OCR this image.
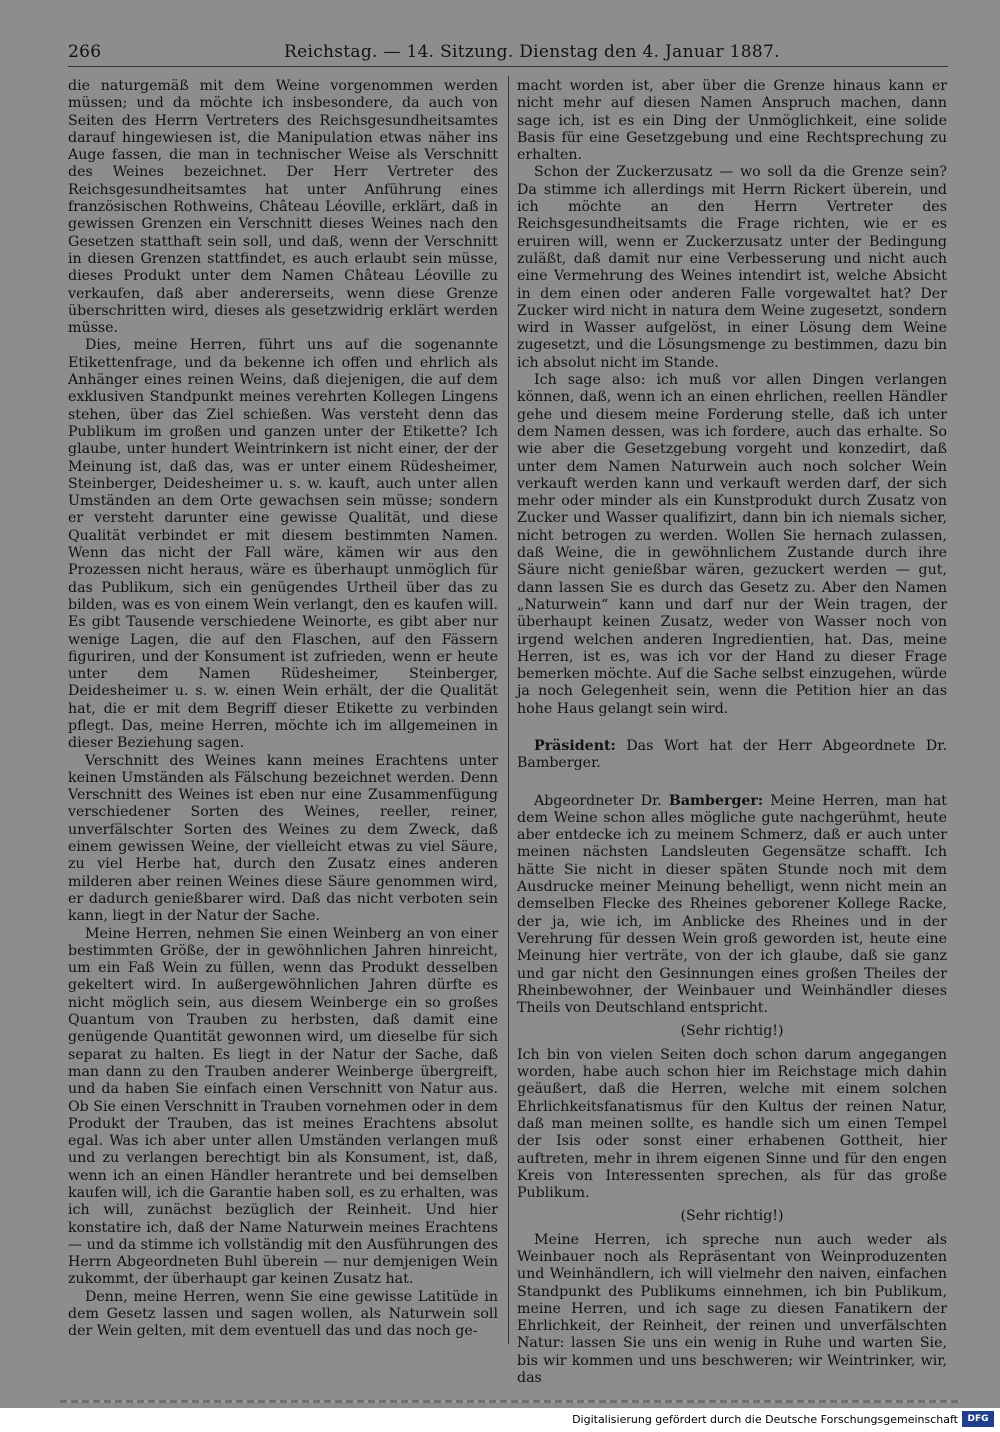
266	Reichstag. — 14. Sitzung. Dienstag den 4. Januar 1887.

die naturgemäß mit dem Weine vorgenommen werden müssen; und da möchte ich insbesondere, da auch von Seiten des Herrn Vertreters des Reichsgesundheitsamtes darauf hingewiesen ist, die Manipulation etwas näher ins Auge fassen, die man in technischer Weise als Verschnitt des Weines bezeichnet. Der Herr Vertreter des Reichsgesundheitsamtes hat unter Anführung eines französischen Rothweins, Château Léoville, erklärt, daß in gewissen Grenzen ein Verschnitt dieses Weines nach den Gesetzen statthaft sein soll, und daß, wenn der Verschnitt in diesen Grenzen stattfindet, es auch erlaubt sein müsse, dieses Produkt unter dem Namen Château Léoville zu verkaufen, daß aber andererseits, wenn diese Grenze überschritten wird, dieses als gesetzwidrig erklärt werden müsse.

Dies, meine Herren, führt uns auf die sogenannte Etikettenfrage, und da bekenne ich offen und ehrlich als Anhänger eines reinen Weins, daß diejenigen, die auf dem exklusiven Standpunkt meines verehrten Kollegen Lingens stehen, über das Ziel schießen. Was versteht denn das Publikum im großen und ganzen unter der Etikette? Ich glaube, unter hundert Weintrinkern ist nicht einer, der der Meinung ist, daß das, was er unter einem Rüdesheimer, Steinberger, Deidesheimer u. s. w. kauft, auch unter allen Umständen an dem Orte gewachsen sein müsse; sondern er versteht darunter eine gewisse Qualität, und diese Qualität verbindet er mit diesem bestimmten Namen. Wenn das nicht der Fall wäre, kämen wir aus den Prozessen nicht heraus, wäre es überhaupt unmöglich für das Publikum, sich ein genügendes Urtheil über das zu bilden, was es von einem Wein verlangt, den es kaufen will. Es gibt Tausende verschiedene Weinorte, es gibt aber nur wenige Lagen, die auf den Flaschen, auf den Fässern figuriren, und der Konsument ist zufrieden, wenn er heute unter dem Namen Rüdesheimer, Steinberger, Deidesheimer u. s. w. einen Wein erhält, der die Qualität hat, die er mit dem Begriff dieser Etikette zu verbinden pflegt. Das, meine Herren, möchte ich im allgemeinen in dieser Beziehung sagen.

Verschnitt des Weines kann meines Erachtens unter keinen Umständen als Fälschung bezeichnet werden. Denn Verschnitt des Weines ist eben nur eine Zusammenfügung verschiedener Sorten des Weines, reeller, reiner, unverfälschter Sorten des Weines zu dem Zweck, daß einem gewissen Weine, der vielleicht etwas zu viel Säure, zu viel Herbe hat, durch den Zusatz eines anderen milderen aber reinen Weines diese Säure genommen wird, er dadurch genießbarer wird. Daß das nicht verboten sein kann, liegt in der Natur der Sache.

Meine Herren, nehmen Sie einen Weinberg an von einer bestimmten Größe, der in gewöhnlichen Jahren hinreicht, um ein Faß Wein zu füllen, wenn das Produkt desselben gekeltert wird. In außergewöhnlichen Jahren dürfte es nicht möglich sein, aus diesem Weinberge ein so großes Quantum von Trauben zu herbsten, daß damit eine genügende Quantität gewonnen wird, um dieselbe für sich separat zu halten. Es liegt in der Natur der Sache, daß man dann zu den Trauben anderer Weinberge übergreift, und da haben Sie einfach einen Verschnitt von Natur aus. Ob Sie einen Verschnitt in Trauben vornehmen oder in dem Produkt der Trauben, das ist meines Erachtens absolut egal. Was ich aber unter allen Umständen verlangen muß und zu verlangen berechtigt bin als Konsument, ist, daß, wenn ich an einen Händler herantrete und bei demselben kaufen will, ich die Garantie haben soll, es zu erhalten, was ich will, zunächst bezüglich der Reinheit. Und hier konstatire ich, daß der Name Naturwein meines Erachtens — und da stimme ich vollständig mit den Ausführungen des Herrn Abgeordneten Buhl überein — nur demjenigen Wein zukommt, der überhaupt gar keinen Zusatz hat.

Denn, meine Herren, wenn Sie eine gewisse Latitüde in dem Gesetz lassen und sagen wollen, als Naturwein soll der Wein gelten, mit dem eventuell das und das noch ge-

macht worden ist, aber über die Grenze hinaus kann er nicht mehr auf diesen Namen Anspruch machen, dann sage ich, ist es ein Ding der Unmöglichkeit, eine solide Basis für eine Gesetzgebung und eine Rechtsprechung zu erhalten.

Schon der Zuckerzusatz — wo soll da die Grenze sein? Da stimme ich allerdings mit Herrn Rickert überein, und ich möchte an den Herrn Vertreter des Reichsgesundheitsamts die Frage richten, wie er es eruiren will, wenn er Zuckerzusatz unter der Bedingung zuläßt, daß damit nur eine Verbesserung und nicht auch eine Vermehrung des Weines intendirt ist, welche Absicht in dem einen oder anderen Falle vorgewaltet hat? Der Zucker wird nicht in natura dem Weine zugesetzt, sondern wird in Wasser aufgelöst, in einer Lösung dem Weine zugesetzt, und die Lösungsmenge zu bestimmen, dazu bin ich absolut nicht im Stande.

Ich sage also: ich muß vor allen Dingen verlangen können, daß, wenn ich an einen ehrlichen, reellen Händler gehe und diesem meine Forderung stelle, daß ich unter dem Namen dessen, was ich fordere, auch das erhalte. So wie aber die Gesetzgebung vorgeht und konzedirt, daß unter dem Namen Naturwein auch noch solcher Wein verkauft werden kann und verkauft werden darf, der sich mehr oder minder als ein Kunstprodukt durch Zusatz von Zucker und Wasser qualifizirt, dann bin ich niemals sicher, nicht betrogen zu werden. Wollen Sie hernach zulassen, daß Weine, die in gewöhnlichem Zustande durch ihre Säure nicht genießbar wären, gezuckert werden — gut, dann lassen Sie es durch das Gesetz zu. Aber den Namen „Naturwein“ kann und darf nur der Wein tragen, der überhaupt keinen Zusatz, weder von Wasser noch von irgend welchen anderen Ingredientien, hat. Das, meine Herren, ist es, was ich vor der Hand zu dieser Frage bemerken möchte. Auf die Sache selbst einzugehen, würde ja noch Gelegenheit sein, wenn die Petition hier an das hohe Haus gelangt sein wird.

Präsident: Das Wort hat der Herr Abgeordnete Dr. Bamberger.

Abgeordneter Dr. Bamberger: Meine Herren, man hat dem Weine schon alles mögliche gute nachgerühmt, heute aber entdecke ich zu meinem Schmerz, daß er auch unter meinen nächsten Landsleuten Gegensätze schafft. Ich hätte Sie nicht in dieser späten Stunde noch mit dem Ausdrucke meiner Meinung behelligt, wenn nicht mein an demselben Flecke des Rheines geborener Kollege Racke, der ja, wie ich, im Anblicke des Rheines und in der Verehrung für dessen Wein groß geworden ist, heute eine Meinung hier verträte, von der ich glaube, daß sie ganz und gar nicht den Gesinnungen eines großen Theiles der Rheinbewohner, der Weinbauer und Weinhändler dieses Theils von Deutschland entspricht.

(Sehr richtig!)

Ich bin von vielen Seiten doch schon darum angegangen worden, habe auch schon hier im Reichstage mich dahin geäußert, daß die Herren, welche mit einem solchen Ehrlichkeitsfanatismus für den Kultus der reinen Natur, daß man meinen sollte, es handle sich um einen Tempel der Isis oder sonst einer erhabenen Gottheit, hier auftreten, mehr in ihrem eigenen Sinne und für den engen Kreis von Interessenten sprechen, als für das große Publikum.

(Sehr richtig!)

Meine Herren, ich spreche nun auch weder als Weinbauer noch als Repräsentant von Weinproduzenten und Weinhändlern, ich will vielmehr den naiven, einfachen Standpunkt des Publikums einnehmen, ich bin Publikum, meine Herren, und ich sage zu diesen Fanatikern der Ehrlichkeit, der Reinheit, der reinen und unverfälschten Natur: lassen Sie uns ein wenig in Ruhe und warten Sie, bis wir kommen und uns beschweren; wir Weintrinker, wir, das

Digitalisierung gefördert durch die Deutsche Forschungsgemeinschaft	DFG
